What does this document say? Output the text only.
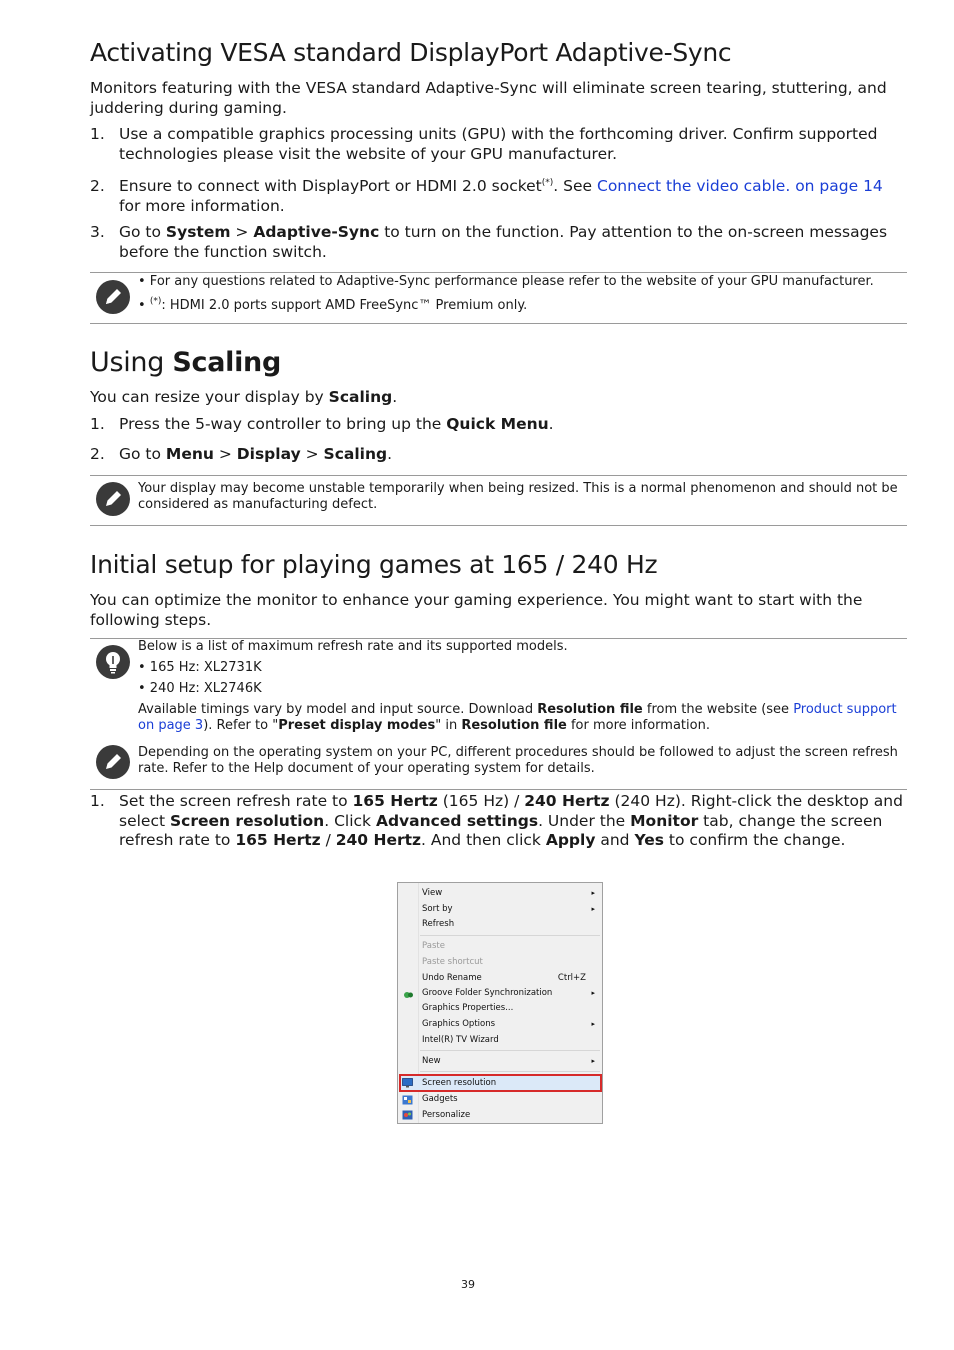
Activating VESA standard DisplayPort Adaptive-Sync
Monitors featuring with the VESA standard Adaptive-Sync will eliminate screen tearing, stuttering, and juddering during gaming.
1. Use a compatible graphics processing units (GPU) with the forthcoming driver. Confirm supported technologies please visit the website of your GPU manufacturer.
2. Ensure to connect with DisplayPort or HDMI 2.0 socket(*). See Connect the video cable. on page 14
for more information.
3. Go to System > Adaptive-Sync to turn on the function. Pay attention to the on-screen messages before the function switch.
• For any questions related to Adaptive-Sync performance please refer to the website of your GPU manufacturer.
• (*): HDMI 2.0 ports support AMD FreeSync™ Premium only.
Using Scaling
You can resize your display by Scaling.
1. Press the 5-way controller to bring up the Quick Menu.
2. Go to Menu > Display > Scaling.
Your display may become unstable temporarily when being resized. This is a normal phenomenon and should not be considered as manufacturing defect.
Initial setup for playing games at 165 / 240 Hz
You can optimize the monitor to enhance your gaming experience. You might want to start with the following steps.
Below is a list of maximum refresh rate and its supported models.
• 165 Hz: XL2731K
• 240 Hz: XL2746K
Available timings vary by model and input source. Download Resolution file from the website (see Product support on page 3). Refer to "Preset display modes" in Resolution file for more information.
Depending on the operating system on your PC, different procedures should be followed to adjust the screen refresh rate. Refer to the Help document of your operating system for details.
1. Set the screen refresh rate to 165 Hertz (165 Hz) / 240 Hertz (240 Hz). Right-click the desktop and select Screen resolution. Click Advanced settings. Under the Monitor tab, change the screen refresh rate to 165 Hertz / 240 Hertz. And then click Apply and Yes to confirm the change.
View	▸
Sort by	▸
Refresh
Paste
Paste shortcut
Undo Rename	Ctrl+Z
Groove Folder Synchronization	▸
Graphics Properties...
Graphics Options	▸
Intel(R) TV Wizard
New	▸
Screen resolution
Gadgets
Personalize
39
